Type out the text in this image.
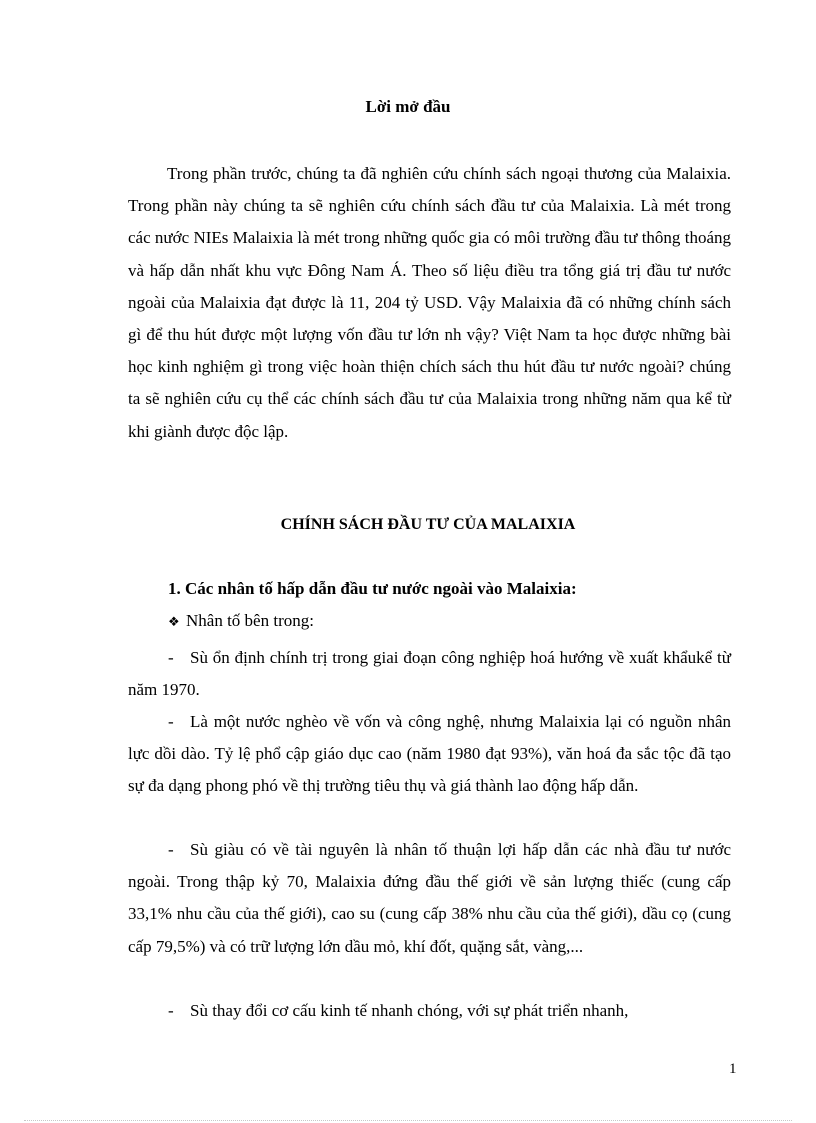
Lời mở đầu

Trong phần trước, chúng ta đã nghiên cứu chính sách ngoại thương của Malaixia. Trong phần này chúng ta sẽ nghiên cứu chính sách đầu tư của Malaixia. Là mét trong các nước NIEs Malaixia là mét trong những quốc gia có môi trường đầu tư thông thoáng và hấp dẫn nhất khu vực Đông Nam Á. Theo số liệu điều tra tổng giá trị đầu tư nước ngoài của Malaixia đạt được là 11, 204 tỷ USD. Vậy Malaixia đã có những chính sách gì để thu hút được một lượng vốn đầu tư lớn nh vậy? Việt Nam ta học được những bài học kinh nghiệm gì trong việc hoàn thiện chích sách thu hút đầu tư nước ngoài? chúng ta sẽ nghiên cứu cụ thể các chính sách đầu tư của Malaixia trong những năm qua kể từ khi giành được độc lập.

CHÍNH SÁCH ĐẦU TƯ CỦA MALAIXIA
1. Các nhân tố hấp dẫn đầu tư nước ngoài vào Malaixia:
❖ Nhân tố bên trong:

- Sù ổn định chính trị trong giai đoạn công nghiệp hoá hướng về xuất khẩukể từ năm 1970.

- Là một nước nghèo về vốn và công nghệ, nhưng Malaixia lại có nguồn nhân lực dồi dào. Tỷ lệ phổ cập giáo dục cao (năm 1980 đạt 93%), văn hoá đa sắc tộc đã tạo sự đa dạng phong phó về thị trường tiêu thụ và giá thành lao động hấp dẫn.

- Sù giàu có về tài nguyên là nhân tố thuận lợi hấp dẫn các nhà đầu tư nước ngoài. Trong thập kỷ 70, Malaixia đứng đầu thế giới về sản lượng thiếc (cung cấp 33,1% nhu cầu của thế giới), cao su (cung cấp 38% nhu cầu của thế giới), dầu cọ (cung cấp 79,5%) và có trữ lượng lớn dầu mỏ, khí đốt, quặng sắt, vàng,...

- Sù thay đổi cơ cấu kinh tế nhanh chóng, với sự phát triển nhanh,

1
